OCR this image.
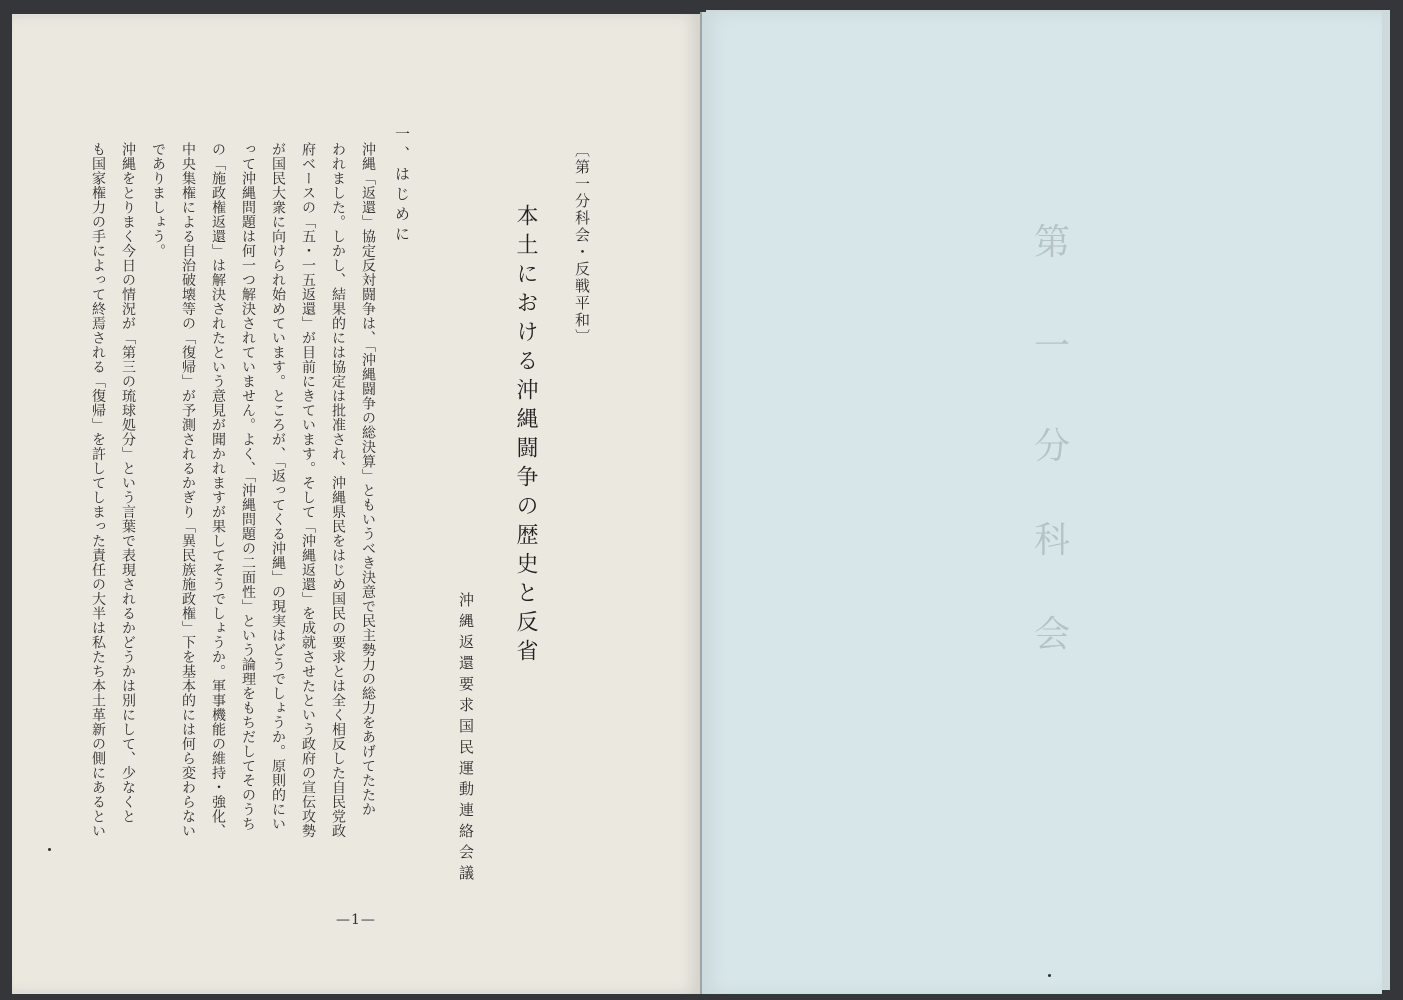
〔第一分科会・反戦平和〕
本土における沖縄闘争の歴史と反省
沖縄返還要求国民運動連絡会議
一、はじめに
沖縄「返還」協定反対闘争は、「沖縄闘争の総決算」ともいうべき決意で民主勢力の総力をあげてたたか
われました。しかし、結果的には協定は批准され、沖縄県民をはじめ国民の要求とは全く相反した自民党政
府ベースの「五・一五返還」が目前にきています。そして「沖縄返還」を成就させたという政府の宣伝攻勢
が国民大衆に向けられ始めています。ところが、「返ってくる沖縄」の現実はどうでしょうか。原則的にい
って沖縄問題は何一つ解決されていません。よく、「沖縄問題の二面性」という論理をもちだしてそのうち
の「施政権返還」は解決されたという意見が聞かれますが果してそうでしょうか。軍事機能の維持・強化、
中央集権による自治破壊等の「復帰」が予測されるかぎり「異民族施政権」下を基本的には何ら変わらない
でありましょう。
沖縄をとりまく今日の情況が「第三の琉球処分」という言葉で表現されるかどうかは別にして、少なくと
も国家権力の手によって終焉される「復帰」を許してしまった責任の大半は私たち本土革新の側にあるとい
—1—
第
一
分
科
会
